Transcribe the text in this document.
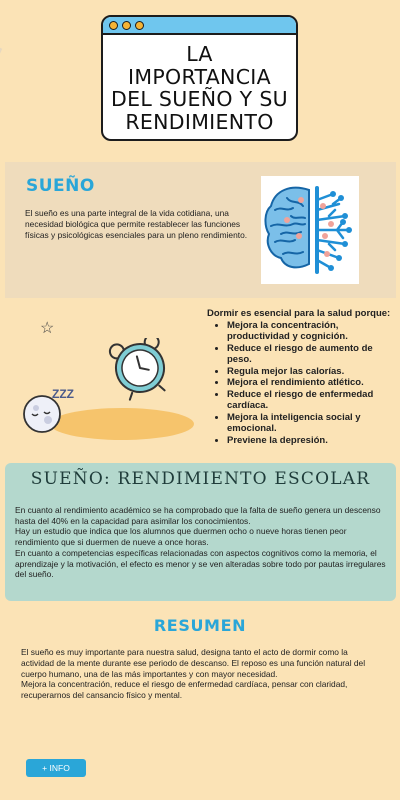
LA
IMPORTANCIA
DEL SUEÑO Y SU
RENDIMIENTO
SUEÑO
El sueño es una parte integral de la vida cotidiana, una necesidad biológica que permite restablecer las funciones físicas y psicológicas esenciales para un pleno rendimiento.
☆
ZZZ
Dormir es esencial para la salud porque:
• Mejora la concentración, productividad y cognición.
• Reduce el riesgo de aumento de peso.
• Regula mejor las calorías.
• Mejora el rendimiento atlético.
• Reduce el riesgo de enfermedad cardíaca.
• Mejora la inteligencia social y emocional.
• Previene la depresión.
SUEÑO: RENDIMIENTO ESCOLAR

En cuanto al rendimiento académico se ha comprobado que la falta de sueño genera un descenso hasta del 40% en la capacidad para asimilar los conocimientos.

Hay un estudio que indica que los alumnos que duermen ocho o nueve horas tienen peor rendimiento que si duermen de nueve a once horas.

En cuanto a competencias específicas relacionadas con aspectos cognitivos como la memoria, el aprendizaje y la motivación, el efecto es menor y se ven alteradas sobre todo por pautas irregulares del sueño.

RESUMEN

El sueño es muy importante para nuestra salud, designa tanto el acto de dormir como la actividad de la mente durante ese periodo de descanso. El reposo es una función natural del cuerpo humano, una de las más importantes y con mayor necesidad.

Mejora la concentración, reduce el riesgo de enfermedad cardíaca, pensar con claridad, recuperarnos del cansancio físico y mental.

+ INFO
